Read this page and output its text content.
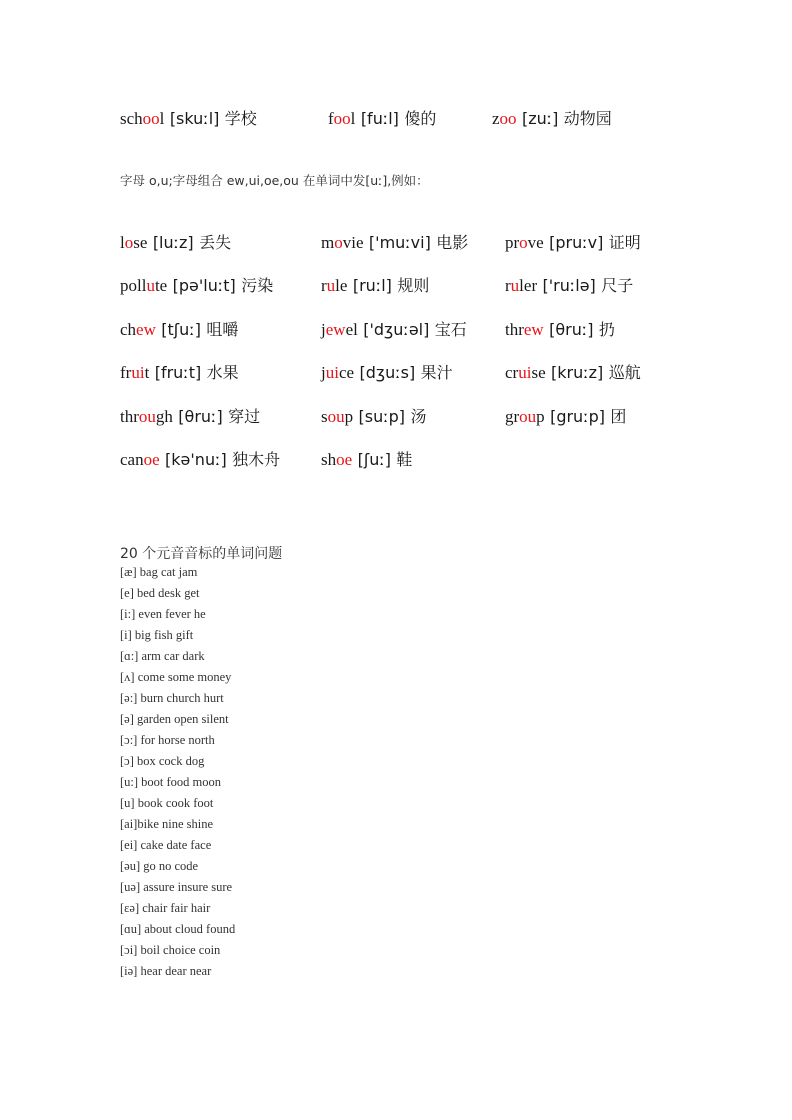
school [skuːl] 学校	fool [fuːl] 傻的	zoo [zuː] 动物园
字母 o,u;字母组合 ew,ui,oe,ou 在单词中发[uː],例如：
lose [luːz] 丢失	movie ['muːvi] 电影 prove [pruːv] 证明
pollute [pə'luːt] 污染	rule [ruːl] 规则	ruler ['ruːlə] 尺子
chew [tʃuː] 咀嚼	jewel ['dʒuːəl] 宝石 threw [θruː] 扔
fruit [fruːt] 水果	juice [dʒuːs] 果汁	cruise [kruːz] 巡航
through [θruː] 穿过	soup [suːp] 汤	group [gruːp] 团
canoe [kə'nuː] 独木舟 shoe [ʃuː] 鞋
20 个元音音标的单词问题
[æ] bag cat jam
[e] bed desk get
[i:] even fever he
[i] big fish gift
[ɑ:] arm car dark
[ʌ] come some money
[ə:] burn church hurt
[ə] garden open silent
[ɔ:] for horse north
[ɔ] box cock dog
[u:] boot food moon
[u] book cook foot
[ai]bike nine shine
[ei] cake date face
[əu] go no code
[uə] assure insure sure
[ɛə] chair fair hair
[ɑu] about cloud found
[ɔi] boil choice coin
[iə] hear dear near
